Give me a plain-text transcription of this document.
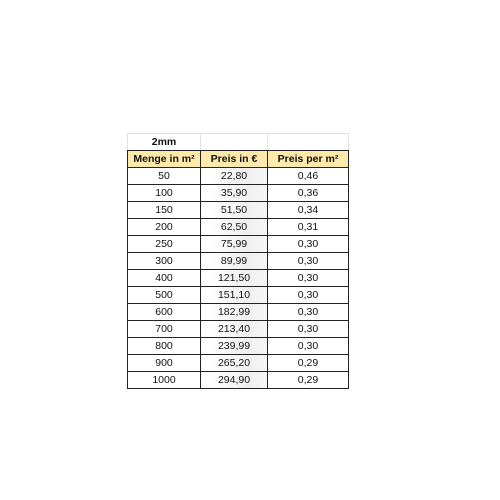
2mm		
Menge in m²	Preis in €	Preis per m²
50	22,80	0,46
100	35,90	0,36
150	51,50	0,34
200	62,50	0,31
250	75,99	0,30
300	89,99	0,30
400	121,50	0,30
500	151,10	0,30
600	182,99	0,30
700	213,40	0,30
800	239,99	0,30
900	265,20	0,29
1000	294,90	0,29
